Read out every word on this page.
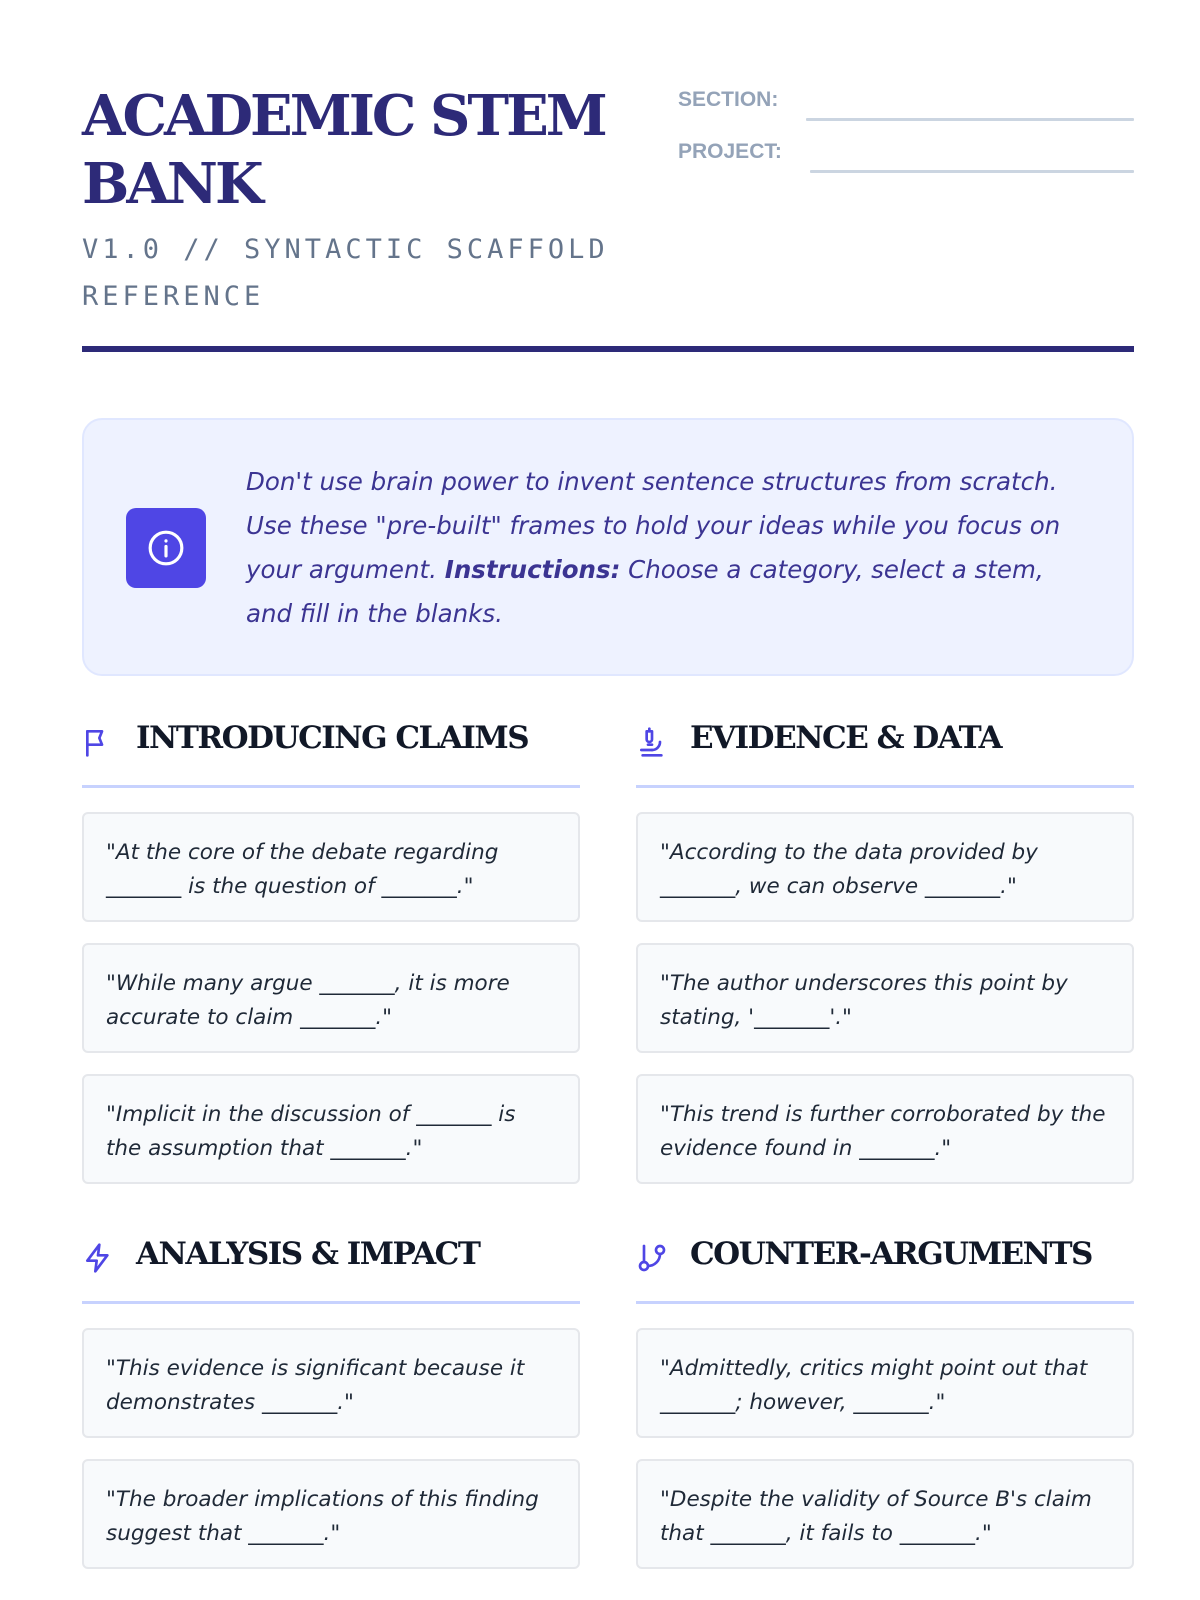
ACADEMIC STEM BANK
V1.0 // SYNTACTIC SCAFFOLD REFERENCE
SECTION:
PROJECT:

Don't use brain power to invent sentence structures from scratch. Use these "pre-built" frames to hold your ideas while you focus on your argument. Instructions: Choose a category, select a stem, and fill in the blanks.

INTRODUCING CLAIMS

"At the core of the debate regarding _______ is the question of _______."

"While many argue _______, it is more accurate to claim _______."

"Implicit in the discussion of _______ is the assumption that _______."

EVIDENCE & DATA

"According to the data provided by _______, we can observe _______."

"The author underscores this point by stating, '_______'."

"This trend is further corroborated by the evidence found in _______."

ANALYSIS & IMPACT

"This evidence is significant because it demonstrates _______."

"The broader implications of this finding suggest that _______."

COUNTER-ARGUMENTS

"Admittedly, critics might point out that _______; however, _______."

"Despite the validity of Source B's claim that _______, it fails to _______."
